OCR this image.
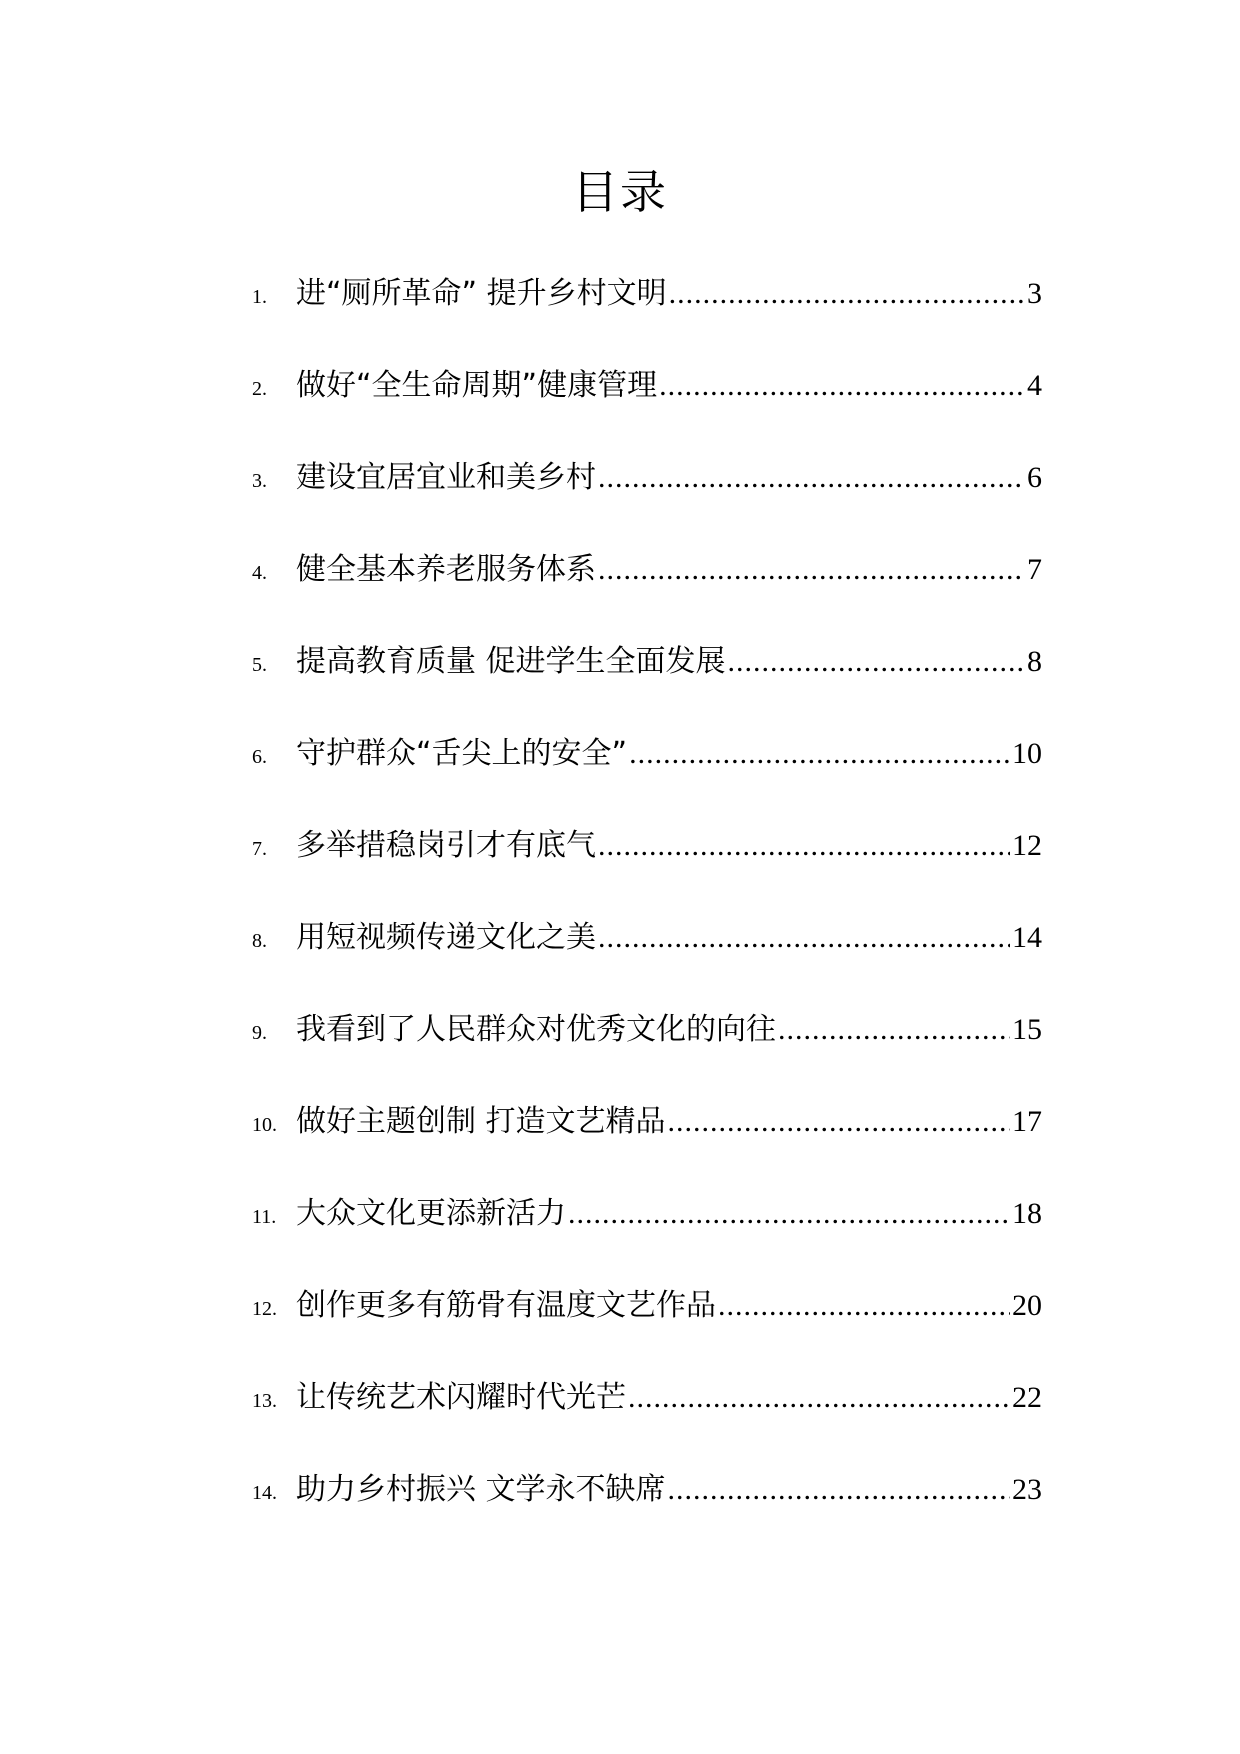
目录
1. 进“厕所革命” 提升乡村文明 .....	3
2. 做好“全生命周期”健康管理 .....	4
3. 建设宜居宜业和美乡村 .....	6
4. 健全基本养老服务体系 .....	7
5. 提高教育质量 促进学生全面发展 .....	8
6. 守护群众“舌尖上的安全” .....	10
7. 多举措稳岗引才有底气 .....	12
8. 用短视频传递文化之美 .....	14
9. 我看到了人民群众对优秀文化的向往 .....	15
10. 做好主题创制 打造文艺精品 .....	17
11. 大众文化更添新活力 .....	18
12. 创作更多有筋骨有温度文艺作品 .....	20
13. 让传统艺术闪耀时代光芒 .....	22
14. 助力乡村振兴 文学永不缺席 .....	23
